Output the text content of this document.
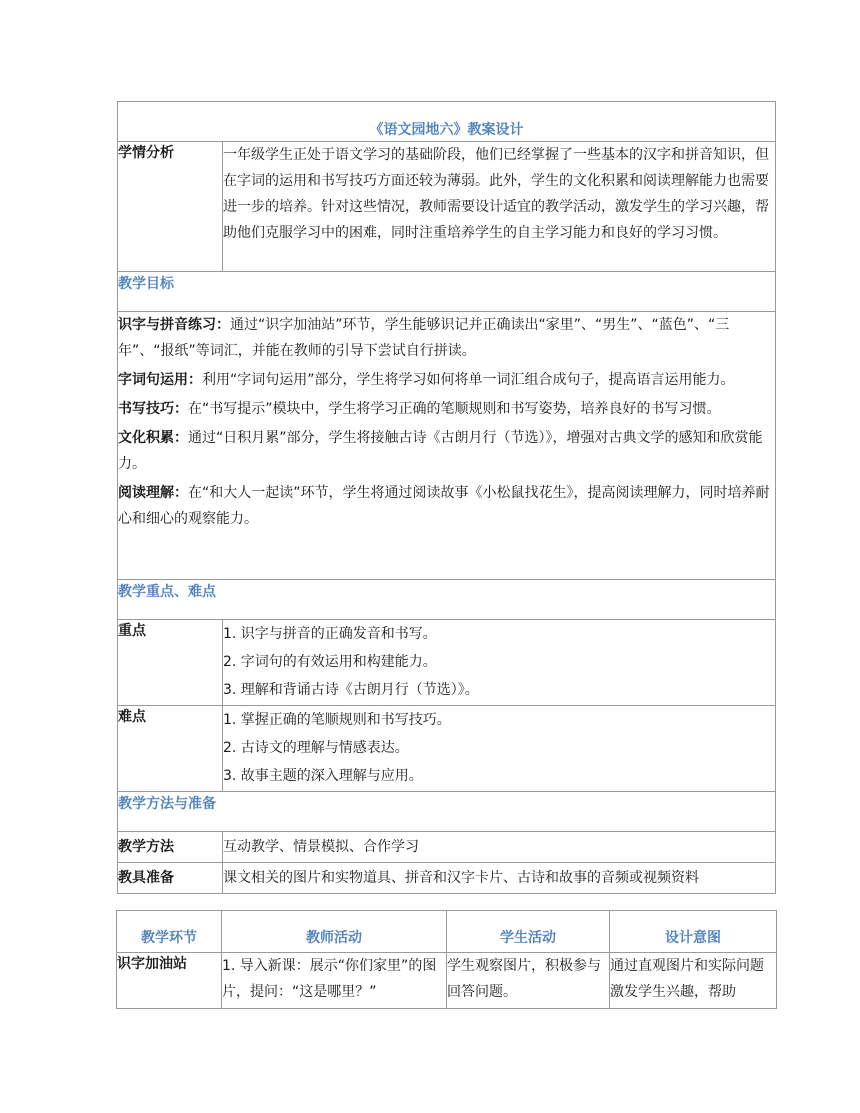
《语文园地六》教案设计	
学情分析	一年级学生正处于语文学习的基础阶段，他们已经掌握了一些基本的汉字和拼音知识，但在字词的运用和书写技巧方面还较为薄弱。此外，学生的文化积累和阅读理解能力也需要进一步的培养。针对这些情况，教师需要设计适宜的教学活动，激发学生的学习兴趣，帮助他们克服学习中的困难，同时注重培养学生的自主学习能力和良好的学习习惯。
教学目标	

识字与拼音练习：通过“识字加油站”环节，学生能够识记并正确读出“家里”、“男生”、“蓝色”、“三年”、“报纸”等词汇，并能在教师的引导下尝试自行拼读。

字词句运用：利用“字词句运用”部分，学生将学习如何将单一词汇组合成句子，提高语言运用能力。

书写技巧：在“书写提示”模块中，学生将学习正确的笔顺规则和书写姿势，培养良好的书写习惯。

文化积累：通过“日积月累”部分，学生将接触古诗《古朗月行（节选）》，增强对古典文学的感知和欣赏能力。

阅读理解：在“和大人一起读”环节，学生将通过阅读故事《小松鼠找花生》，提高阅读理解力，同时培养耐心和细心的观察能力。	

教学重点、难点	
重点	1. 识字与拼音的正确发音和书写。
2. 字词句的有效运用和构建能力。
3. 理解和背诵古诗《古朗月行（节选）》。

难点	1. 掌握正确的笔顺规则和书写技巧。
2. 古诗文的理解与情感表达。
3. 故事主题的深入理解与应用。

教学方法与准备	
教学方法	互动教学、情景模拟、合作学习
教具准备	课文相关的图片和实物道具、拼音和汉字卡片、古诗和故事的音频或视频资料
教学环节	教师活动	学生活动	设计意图
识字加油站	1. 导入新课：展示“你们家里”的图片，提问：“这是哪里？”	学生观察图片，积极参与回答问题。	通过直观图片和实际问题激发学生兴趣，帮助
